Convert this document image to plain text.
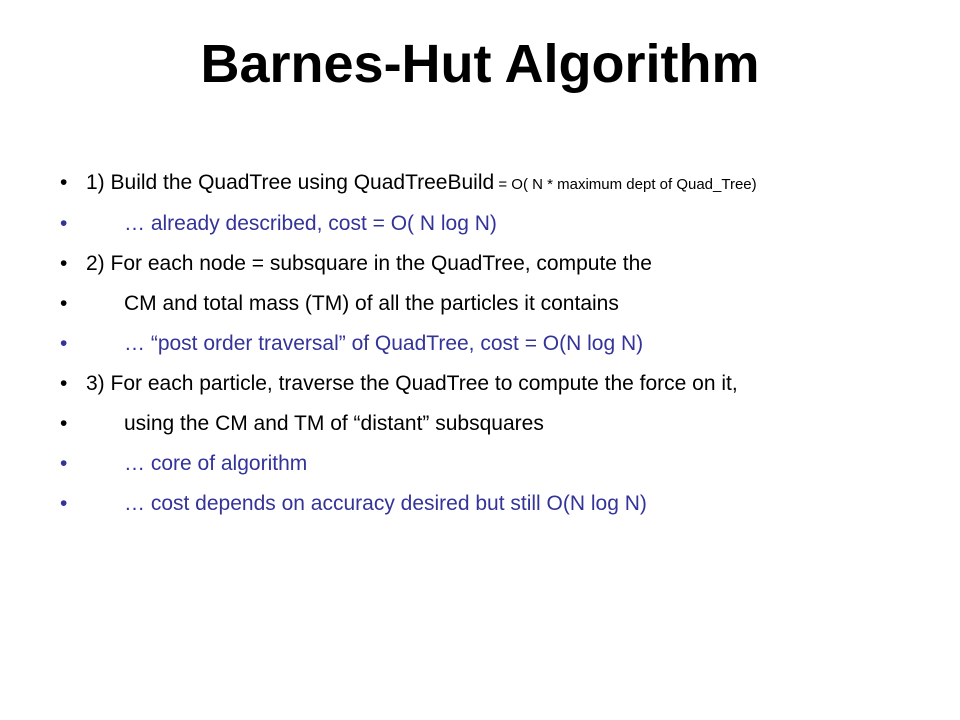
Barnes-Hut Algorithm
• 1) Build the QuadTree using QuadTreeBuild = O( N * maximum dept of Quad_Tree)
•	… already described, cost = O( N log N)
• 2) For each node = subsquare in the QuadTree, compute the
•	CM and total mass (TM) of all the particles it contains
•	… “post order traversal” of QuadTree, cost = O(N log N)
• 3) For each particle, traverse the QuadTree to compute the force on it,
•	using the CM and TM of “distant” subsquares
•	… core of algorithm
•	… cost depends on accuracy desired but still O(N log N)
